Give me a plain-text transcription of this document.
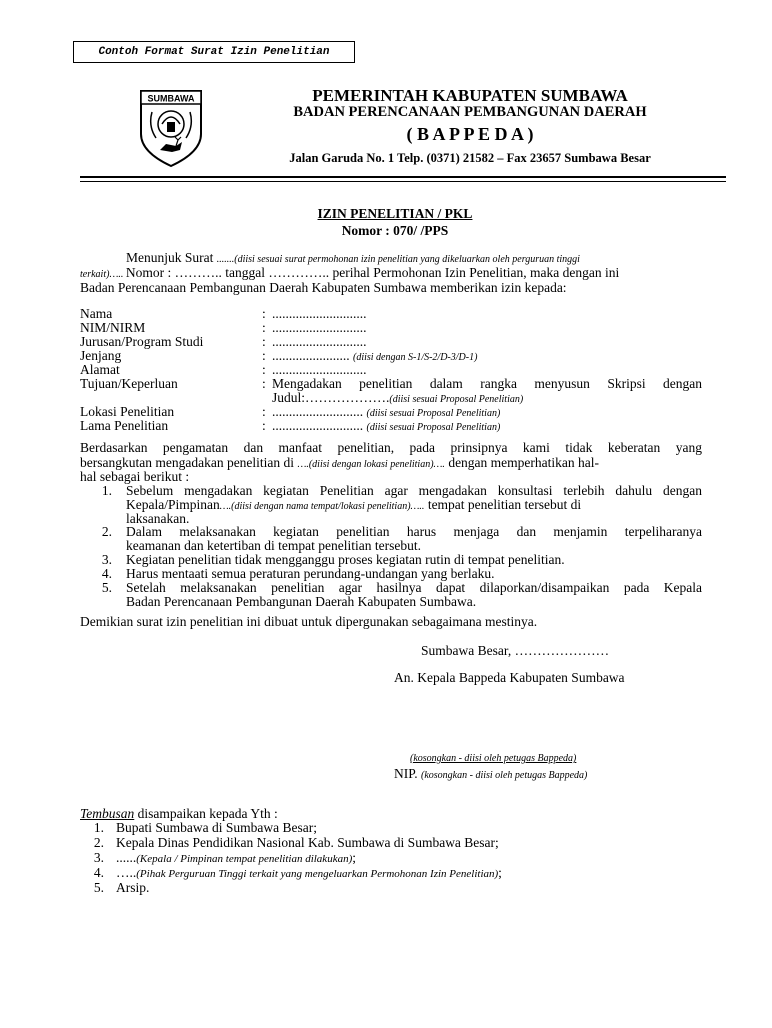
Contoh Format Surat Izin Penelitian
SUMBAWA	PEMERINTAH KABUPATEN SUMBAWA
BADAN PERENCANAAN PEMBANGUNAN DAERAH
( B A P P E D A )
Jalan Garuda No. 1 Telp. (0371) 21582 – Fax 23657 Sumbawa Besar
IZIN PENELITIAN / PKL
Nomor : 070/ /PPS
Menunjuk Surat .......(diisi sesuai surat permohonan izin penelitian yang dikeluarkan oleh perguruan tinggi
terkait)….. Nomor : ……….. tanggal ………….. perihal Permohonan Izin Penelitian, maka dengan ini
Badan Perencanaan Pembangunan Daerah Kabupaten Sumbawa memberikan izin kepada:
Nama	: ............................
NIM/NIRM	: ............................
Jurusan/Program Studi	: ............................
Jenjang	: ....................... (diisi dengan S-1/S-2/D-3/D-1)
Alamat	: ............................
Tujuan/Keperluan	: Mengadakan penelitian dalam rangka menyusun Skripsi dengan
Judul:……………….(diisi sesuai Proposal Penelitian)
Lokasi Penelitian	: ........................... (diisi sesuai Proposal Penelitian)
Lama Penelitian	: ........................... (diisi sesuai Proposal Penelitian)
Berdasarkan pengamatan dan manfaat penelitian, pada prinsipnya kami tidak keberatan yang
bersangkutan mengadakan penelitian di ….(diisi dengan lokasi penelitian)…. dengan memperhatikan hal-
hal sebagai berikut :
1. Sebelum mengadakan kegiatan Penelitian agar mengadakan konsultasi terlebih dahulu dengan
Kepala/Pimpinan….(diisi dengan nama tempat/lokasi penelitian)….. tempat penelitian tersebut di
laksanakan.
2. Dalam melaksanakan kegiatan penelitian harus menjaga dan menjamin terpeliharanya
keamanan dan ketertiban di tempat penelitian tersebut.
3. Kegiatan penelitian tidak mengganggu proses kegiatan rutin di tempat penelitian.
4. Harus mentaati semua peraturan perundang-undangan yang berlaku.
5. Setelah melaksanakan penelitian agar hasilnya dapat dilaporkan/disampaikan pada Kepala
Badan Perencanaan Pembangunan Daerah Kabupaten Sumbawa.
Demikian surat izin penelitian ini dibuat untuk dipergunakan sebagaimana mestinya.
Sumbawa Besar, …………………
An. Kepala Bappeda Kabupaten Sumbawa
(kosongkan - diisi oleh petugas Bappeda)
NIP. (kosongkan - diisi oleh petugas Bappeda)
Tembusan disampaikan kepada Yth :
1. Bupati Sumbawa di Sumbawa Besar;
2. Kepala Dinas Pendidikan Nasional Kab. Sumbawa di Sumbawa Besar;
3. ......(Kepala / Pimpinan tempat penelitian dilakukan);
4. …..(Pihak Perguruan Tinggi terkait yang mengeluarkan Permohonan Izin Penelitian);
5. Arsip.
